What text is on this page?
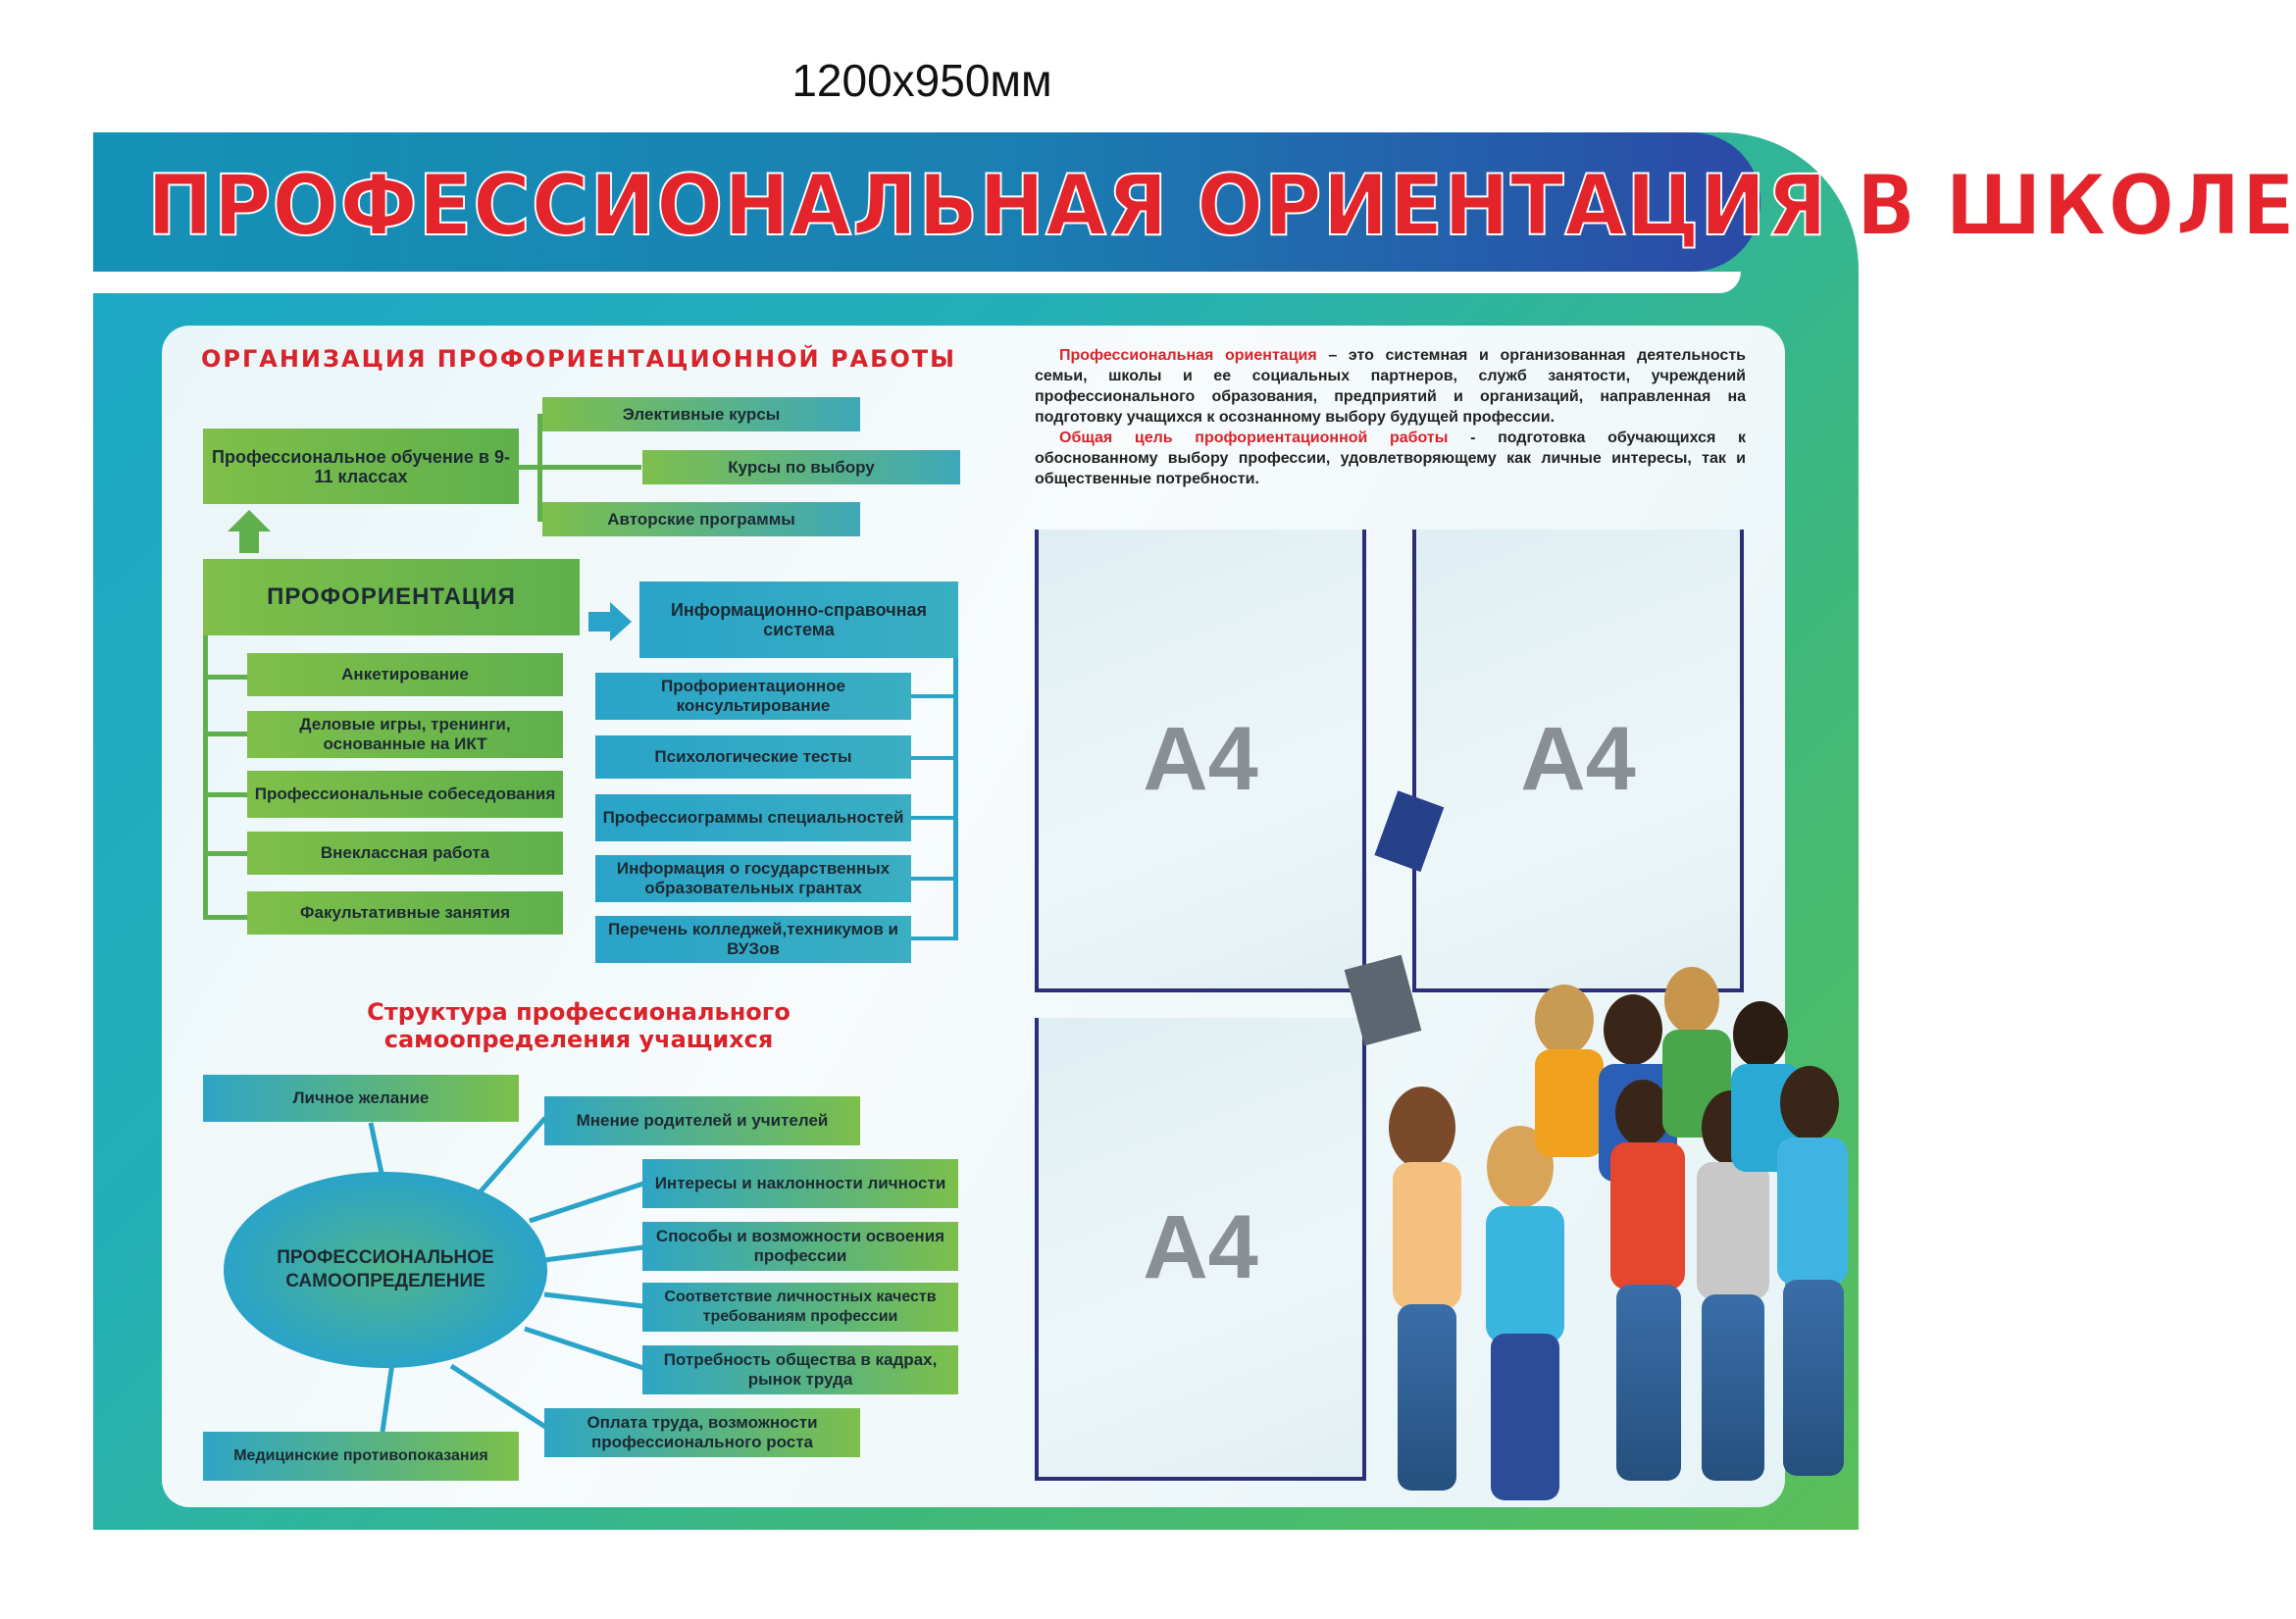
1200x950мм
ПРОФЕССИОНАЛЬНАЯ ОРИЕНТАЦИЯ В ШКОЛЕ
ОРГАНИЗАЦИЯ ПРОФОРИЕНТАЦИОННОЙ РАБОТЫ
Профессиональное обучение в 9-11 классах
Элективные курсы
Курсы по выбору
Авторские программы
ПРОФОРИЕНТАЦИЯ	Информационно-справочная система
Анкетирование
Деловые игры, тренинги, основанные на ИКТ
Профессиональные собеседования
Внеклассная работа
Факультативные занятия
Профориентационное консультирование
Психологические тесты
Профессиограммы специальностей
Информация о государственных образовательных грантах
Перечень колледжей,техникумов и ВУЗов
Структура профессионального
самоопределения учащихся
Личное желание
Медицинские противопоказания
ПРОФЕССИОНАЛЬНОЕ САМООПРЕДЕЛЕНИЕ
Мнение родителей и учителей
Интересы и наклонности личности
Способы и возможности освоения профессии
Соответствие личностных качеств требованиям профессии
Потребность общества в кадрах, рынок труда
Оплата труда, возможности профессионального роста
Профессиональная ориентация – это системная и организованная деятельность семьи, школы и ее социальных партнеров, служб занятости, учреждений профессионального образования, предприятий и организаций, направленная на подготовку учащихся к осознанному выбору будущей профессии.
Общая цель профориентационной работы - подготовка обучающихся к обоснованному выбору профессии, удовлетворяющему как личные интересы, так и общественные потребности.
A4	A4
A4
